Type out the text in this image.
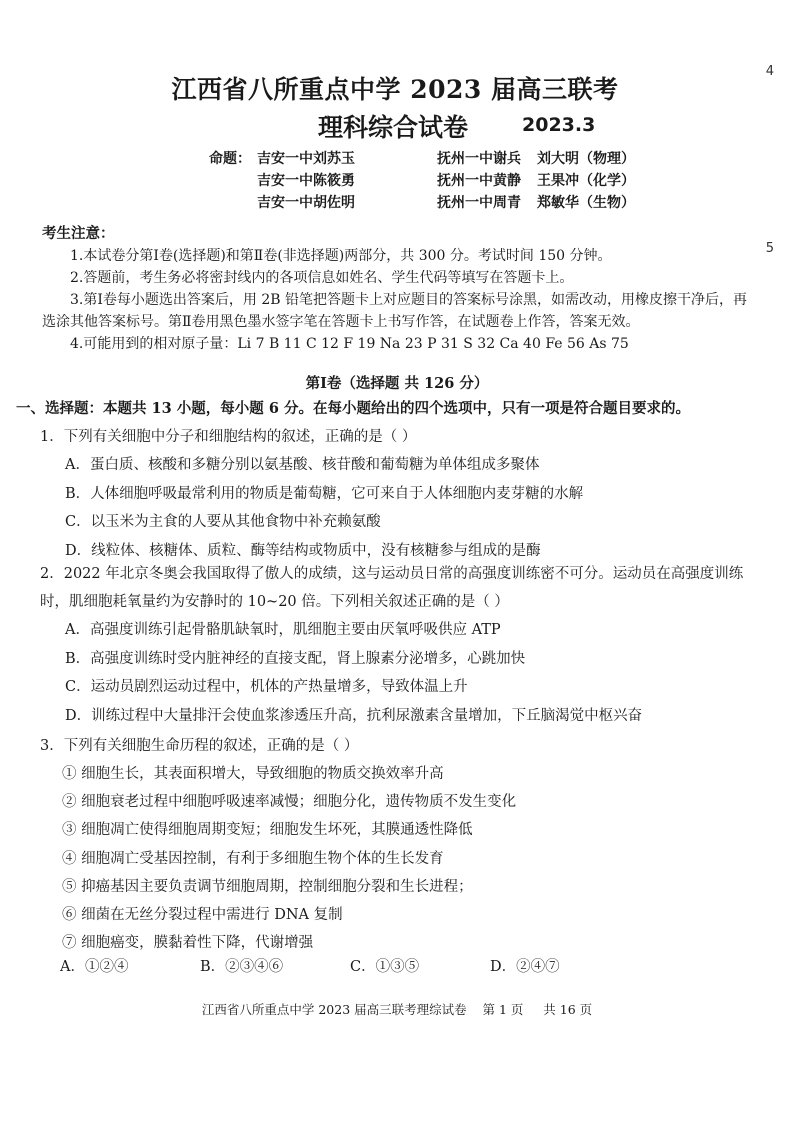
4
5
江西省八所重点中学 2023 届高三联考
理科综合试卷	2023.3
命题： 吉安一中 刘苏玉	抚州一中 谢兵	刘大明（物理）
吉安一中 陈筱勇	抚州一中 黄静	王果冲（化学）
吉安一中 胡佐明	抚州一中 周青	郑敏华（生物）
考生注意：
1.本试卷分第Ⅰ卷(选择题)和第Ⅱ卷(非选择题)两部分，共 300 分。考试时间 150 分钟。
2.答题前，考生务必将密封线内的各项信息如姓名、学生代码等填写在答题卡上。
3.第Ⅰ卷每小题选出答案后，用 2B 铅笔把答题卡上对应题目的答案标号涂黑，如需改动，用橡皮擦干净后，再选涂其他答案标号。第Ⅱ卷用黑色墨水签字笔在答题卡上书写作答，在试题卷上作答，答案无效。
4.可能用到的相对原子量：Li 7 B 11 C 12 F 19 Na 23 P 31 S 32 Ca 40 Fe 56 As 75
第Ⅰ卷（选择题 共 126 分）
一、选择题：本题共 13 小题，每小题 6 分。在每小题给出的四个选项中，只有一项是符合题目要求的。
1．下列有关细胞中分子和细胞结构的叙述，正确的是（ ）
A．蛋白质、核酸和多糖分别以氨基酸、核苷酸和葡萄糖为单体组成多聚体
B．人体细胞呼吸最常利用的物质是葡萄糖，它可来自于人体细胞内麦芽糖的水解
C．以玉米为主食的人要从其他食物中补充赖氨酸
D．线粒体、核糖体、质粒、酶等结构或物质中，没有核糖参与组成的是酶
2．2022 年北京冬奥会我国取得了傲人的成绩，这与运动员日常的高强度训练密不可分。运动员在高强度训练时，肌细胞耗氧量约为安静时的 10~20 倍。下列相关叙述正确的是（ ）
A．高强度训练引起骨骼肌缺氧时，肌细胞主要由厌氧呼吸供应 ATP
B．高强度训练时受内脏神经的直接支配，肾上腺素分泌增多，心跳加快
C．运动员剧烈运动过程中，机体的产热量增多，导致体温上升
D．训练过程中大量排汗会使血浆渗透压升高，抗利尿激素含量增加，下丘脑渴觉中枢兴奋
3．下列有关细胞生命历程的叙述，正确的是（ ）
① 细胞生长，其表面积增大，导致细胞的物质交换效率升高
② 细胞衰老过程中细胞呼吸速率减慢；细胞分化，遗传物质不发生变化
③ 细胞凋亡使得细胞周期变短；细胞发生坏死，其膜通透性降低
④ 细胞凋亡受基因控制，有利于多细胞生物个体的生长发育
⑤ 抑癌基因主要负责调节细胞周期，控制细胞分裂和生长进程；
⑥ 细菌在无丝分裂过程中需进行 DNA 复制
⑦ 细胞癌变，膜黏着性下降，代谢增强
A．①②④	B．②③④⑥	C．①③⑤	D．②④⑦
江西省八所重点中学 2023 届高三联考理综试卷    第 1 页     共 16 页
